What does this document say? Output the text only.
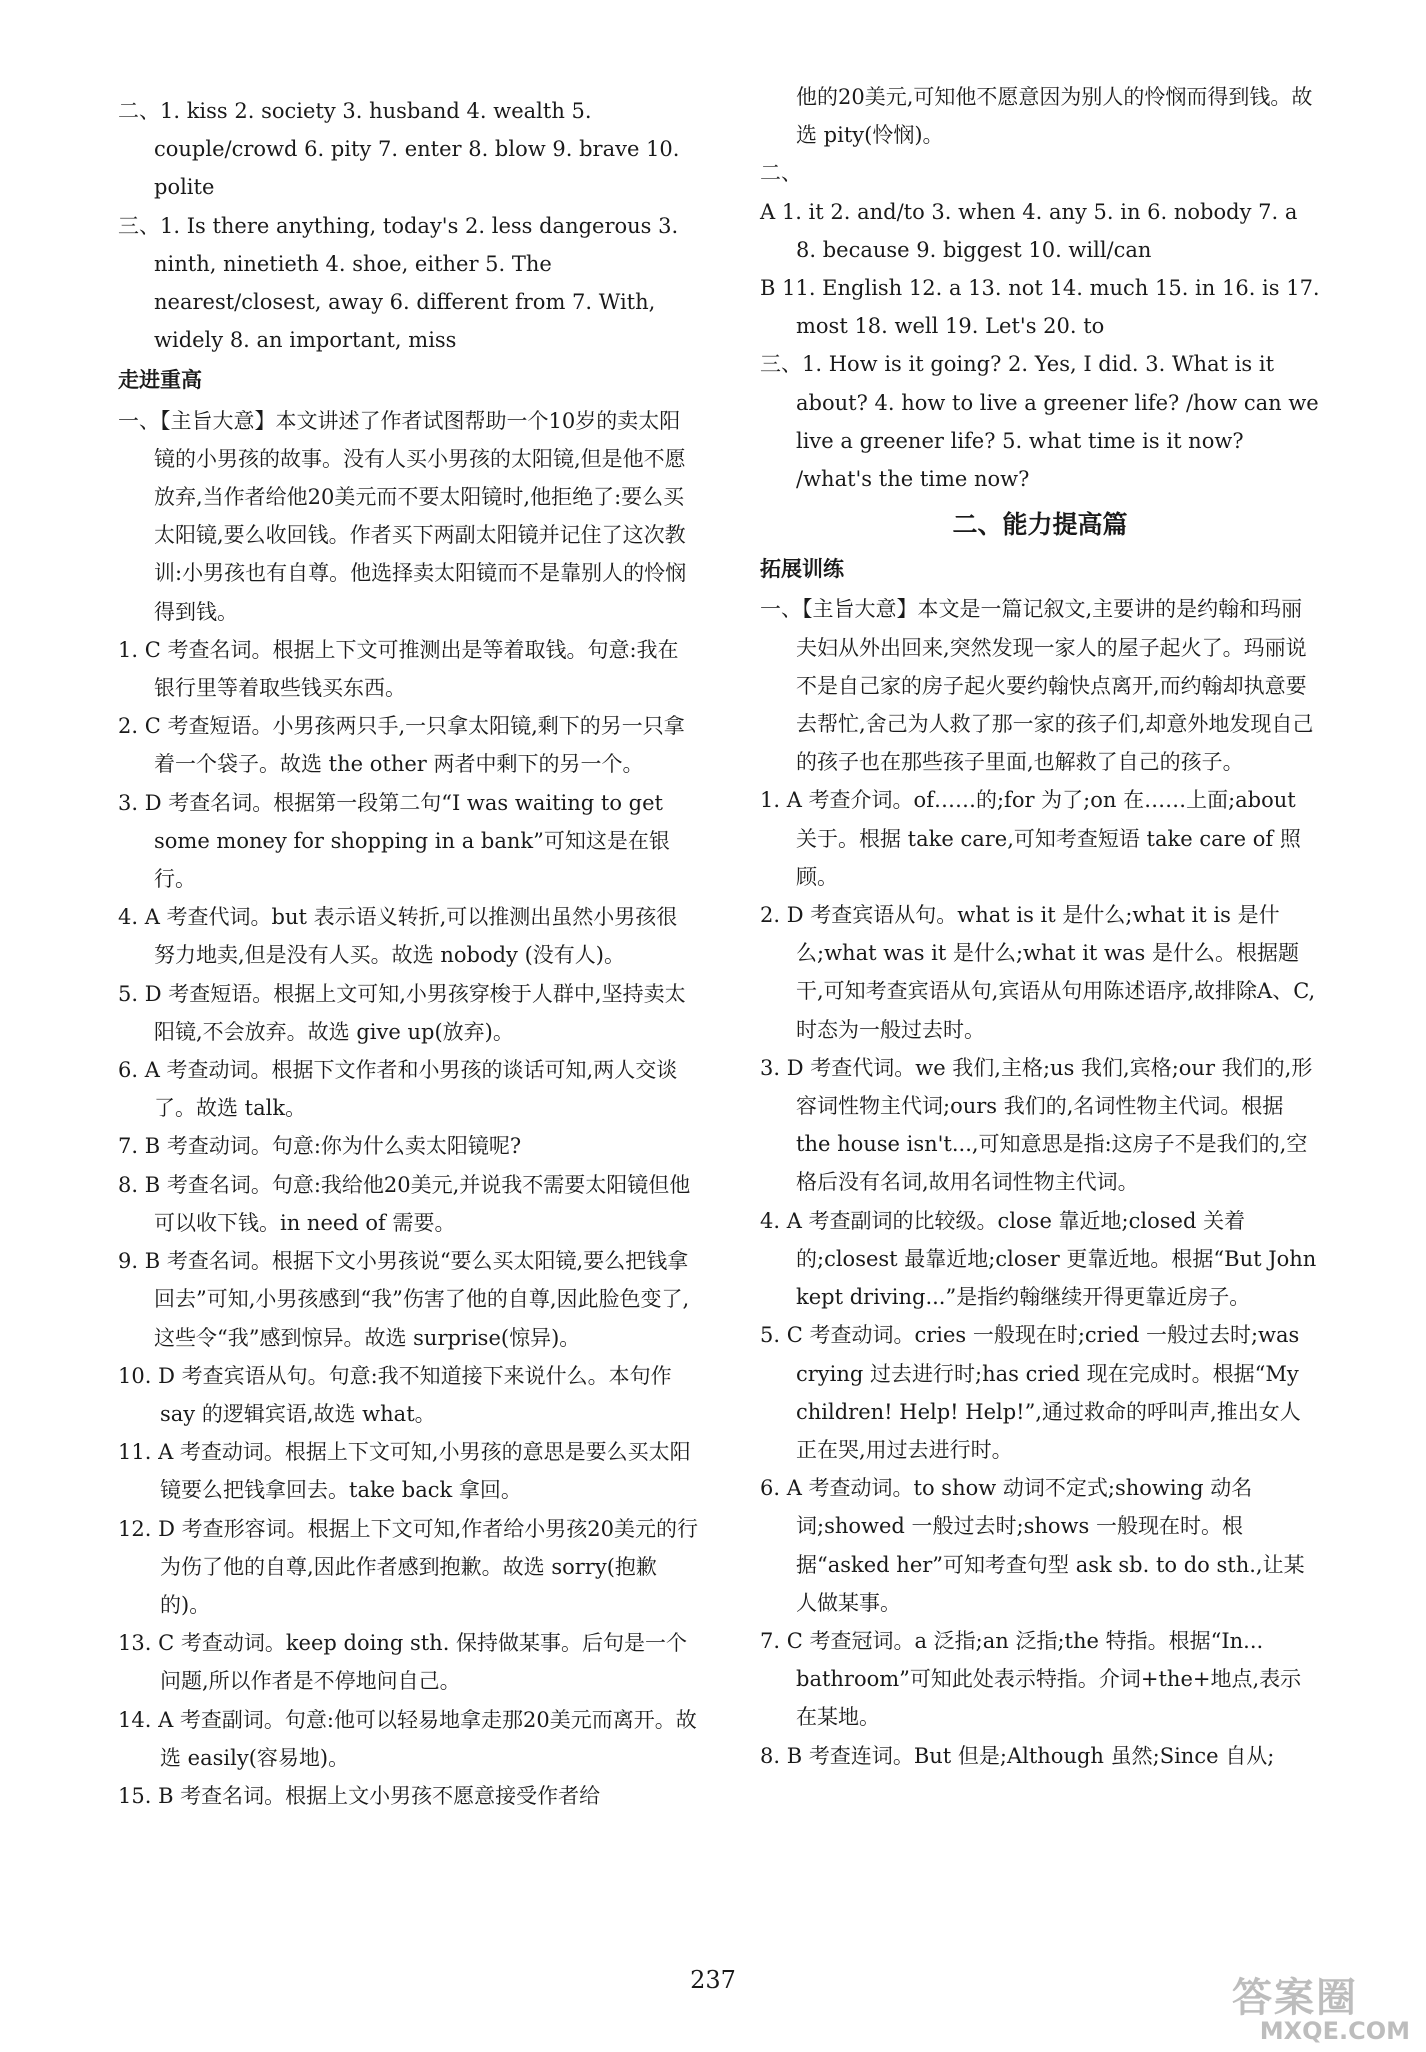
二、1. kiss 2. society 3. husband 4. wealth 5. couple/crowd 6. pity 7. enter 8. blow 9. brave 10. polite

三、1. Is there anything, today's 2. less dangerous 3. ninth, ninetieth 4. shoe, either 5. The nearest/closest, away 6. different from 7. With, widely 8. an important, miss

走进重高

一、【主旨大意】本文讲述了作者试图帮助一个10岁的卖太阳镜的小男孩的故事。没有人买小男孩的太阳镜,但是他不愿放弃,当作者给他20美元而不要太阳镜时,他拒绝了:要么买太阳镜,要么收回钱。作者买下两副太阳镜并记住了这次教训:小男孩也有自尊。他选择卖太阳镜而不是靠别人的怜悯得到钱。

1. C 考查名词。根据上下文可推测出是等着取钱。句意:我在银行里等着取些钱买东西。

2. C 考查短语。小男孩两只手,一只拿太阳镜,剩下的另一只拿着一个袋子。故选 the other 两者中剩下的另一个。

3. D 考查名词。根据第一段第二句“I was waiting to get some money for shopping in a bank”可知这是在银行。

4. A 考查代词。but 表示语义转折,可以推测出虽然小男孩很努力地卖,但是没有人买。故选 nobody (没有人)。

5. D 考查短语。根据上文可知,小男孩穿梭于人群中,坚持卖太阳镜,不会放弃。故选 give up(放弃)。

6. A 考查动词。根据下文作者和小男孩的谈话可知,两人交谈了。故选 talk。

7. B 考查动词。句意:你为什么卖太阳镜呢?

8. B 考查名词。句意:我给他20美元,并说我不需要太阳镜但他可以收下钱。in need of 需要。

9. B 考查名词。根据下文小男孩说“要么买太阳镜,要么把钱拿回去”可知,小男孩感到“我”伤害了他的自尊,因此脸色变了,这些令“我”感到惊异。故选 surprise(惊异)。

10. D 考查宾语从句。句意:我不知道接下来说什么。本句作 say 的逻辑宾语,故选 what。

11. A 考查动词。根据上下文可知,小男孩的意思是要么买太阳镜要么把钱拿回去。take back 拿回。

12. D 考查形容词。根据上下文可知,作者给小男孩20美元的行为伤了他的自尊,因此作者感到抱歉。故选 sorry(抱歉的)。

13. C 考查动词。keep doing sth. 保持做某事。后句是一个问题,所以作者是不停地问自己。

14. A 考查副词。句意:他可以轻易地拿走那20美元而离开。故选 easily(容易地)。

15. B 考查名词。根据上文小男孩不愿意接受作者给

他的20美元,可知他不愿意因为别人的怜悯而得到钱。故选 pity(怜悯)。

二、

A 1. it 2. and/to 3. when 4. any 5. in 6. nobody 7. a 8. because 9. biggest 10. will/can

B 11. English 12. a 13. not 14. much 15. in 16. is 17. most 18. well 19. Let's 20. to

三、1. How is it going? 2. Yes, I did. 3. What is it about? 4. how to live a greener life? /how can we live a greener life? 5. what time is it now? /what's the time now?

二、能力提高篇
拓展训练

一、【主旨大意】本文是一篇记叙文,主要讲的是约翰和玛丽夫妇从外出回来,突然发现一家人的屋子起火了。玛丽说不是自己家的房子起火要约翰快点离开,而约翰却执意要去帮忙,舍己为人救了那一家的孩子们,却意外地发现自己的孩子也在那些孩子里面,也解救了自己的孩子。

1. A 考查介词。of……的;for 为了;on 在……上面;about 关于。根据 take care,可知考查短语 take care of 照顾。

2. D 考查宾语从句。what is it 是什么;what it is 是什么;what was it 是什么;what it was 是什么。根据题干,可知考查宾语从句,宾语从句用陈述语序,故排除A、C,时态为一般过去时。

3. D 考查代词。we 我们,主格;us 我们,宾格;our 我们的,形容词性物主代词;ours 我们的,名词性物主代词。根据 the house isn't...,可知意思是指:这房子不是我们的,空格后没有名词,故用名词性物主代词。

4. A 考查副词的比较级。close 靠近地;closed 关着的;closest 最靠近地;closer 更靠近地。根据“But John kept driving...”是指约翰继续开得更靠近房子。

5. C 考查动词。cries 一般现在时;cried 一般过去时;was crying 过去进行时;has cried 现在完成时。根据“My children! Help! Help!”,通过救命的呼叫声,推出女人正在哭,用过去进行时。

6. A 考查动词。to show 动词不定式;showing 动名词;showed 一般过去时;shows 一般现在时。根据“asked her”可知考查句型 ask sb. to do sth.,让某人做某事。

7. C 考查冠词。a 泛指;an 泛指;the 特指。根据“In... bathroom”可知此处表示特指。介词+the+地点,表示在某地。

8. B 考查连词。But 但是;Although 虽然;Since 自从;

237	答案圈
MXQE.COM
